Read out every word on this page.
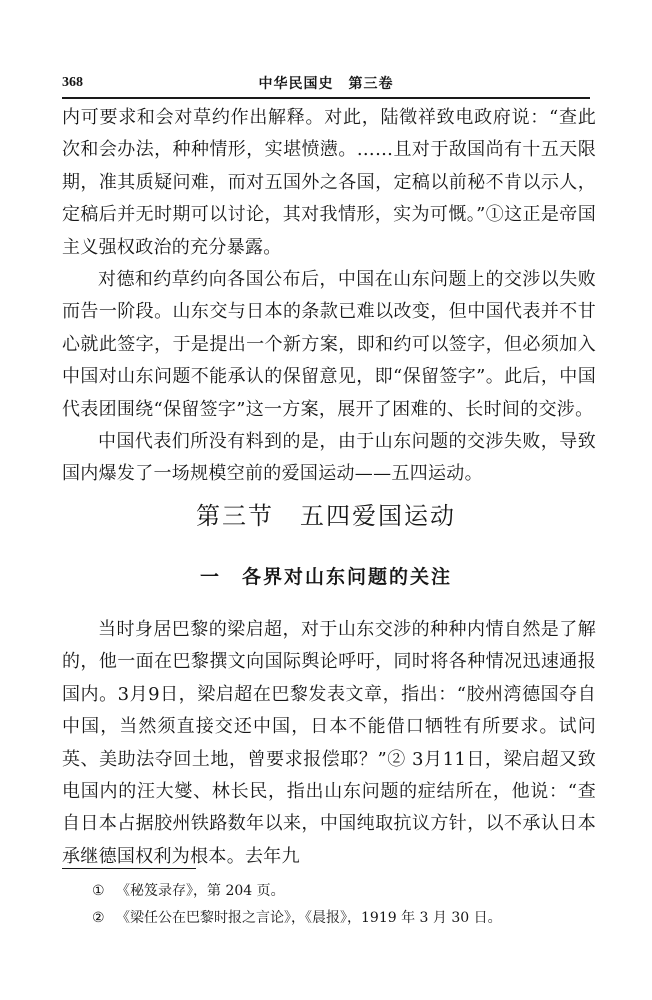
368	中华民国史　第三卷

内可要求和会对草约作出解释。对此，陆徵祥致电政府说：“查此次和会办法，种种情形，实堪愤懑。……且对于敌国尚有十五天限期，准其质疑问难，而对五国外之各国，定稿以前秘不肯以示人，定稿后并无时期可以讨论，其对我情形，实为可慨。”①这正是帝国主义强权政治的充分暴露。

对德和约草约向各国公布后，中国在山东问题上的交涉以失败而告一阶段。山东交与日本的条款已难以改变，但中国代表并不甘心就此签字，于是提出一个新方案，即和约可以签字，但必须加入中国对山东问题不能承认的保留意见，即“保留签字”。此后，中国代表团围绕“保留签字”这一方案，展开了困难的、长时间的交涉。

中国代表们所没有料到的是，由于山东问题的交涉失败，导致国内爆发了一场规模空前的爱国运动——五四运动。

第三节　五四爱国运动
一　各界对山东问题的关注

当时身居巴黎的梁启超，对于山东交涉的种种内情自然是了解的，他一面在巴黎撰文向国际舆论呼吁，同时将各种情况迅速通报国内。3月9日，梁启超在巴黎发表文章，指出：“胶州湾德国夺自中国，当然须直接交还中国，日本不能借口牺牲有所要求。试问英、美助法夺回土地，曾要求报偿耶？”② 3月11日，梁启超又致电国内的汪大燮、林长民，指出山东问题的症结所在，他说：“查自日本占据胶州铁路数年以来，中国纯取抗议方针，以不承认日本承继德国权利为根本。去年九

① 《秘笈录存》，第 204 页。
② 《梁任公在巴黎时报之言论》，《晨报》，1919 年 3 月 30 日。
